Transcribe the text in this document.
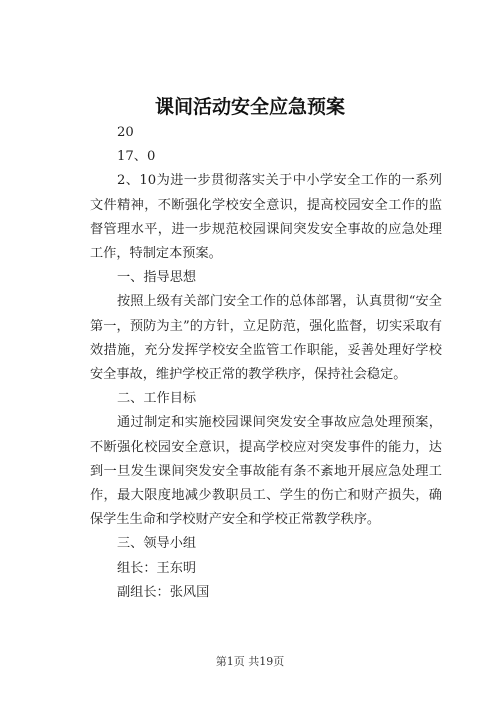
课间活动安全应急预案

20

17、0

2、10为进一步贯彻落实关于中小学安全工作的一系列文件精神，不断强化学校安全意识，提高校园安全工作的监督管理水平，进一步规范校园课间突发安全事故的应急处理工作，特制定本预案。

一、指导思想

按照上级有关部门安全工作的总体部署，认真贯彻“安全第一，预防为主”的方针，立足防范，强化监督，切实采取有效措施，充分发挥学校安全监管工作职能，妥善处理好学校安全事故，维护学校正常的教学秩序，保持社会稳定。

二、工作目标

通过制定和实施校园课间突发安全事故应急处理预案，不断强化校园安全意识，提高学校应对突发事件的能力，达到一旦发生课间突发安全事故能有条不紊地开展应急处理工作，最大限度地减少教职员工、学生的伤亡和财产损失，确保学生生命和学校财产安全和学校正常教学秩序。

三、领导小组

组长：王东明

副组长：张风国

第1页 共19页
